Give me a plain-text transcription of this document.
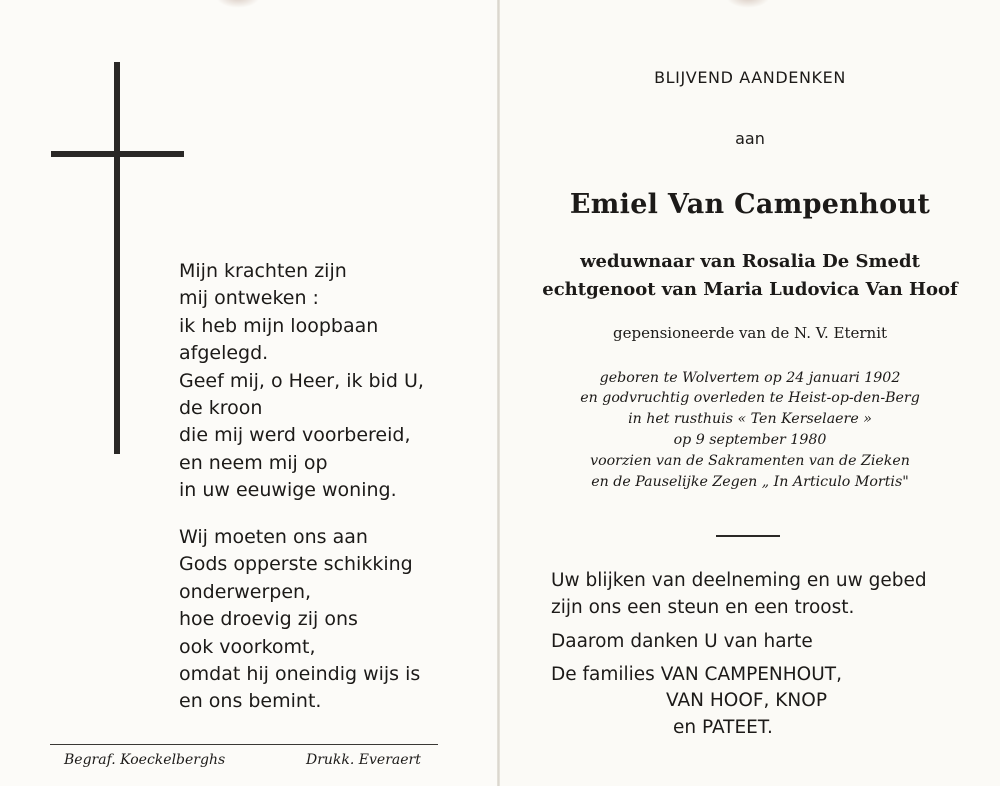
Mijn krachten zijn
mij ontweken :
ik heb mijn loopbaan
afgelegd.
Geef mij, o Heer, ik bid U,
de kroon
die mij werd voorbereid,
en neem mij op
in uw eeuwige woning.
Wij moeten ons aan
Gods opperste schikking
onderwerpen,
hoe droevig zij ons
ook voorkomt,
omdat hij oneindig wijs is
en ons bemint.
Begraf. Koeckelberghs	Drukk. Everaert
BLIJVEND AANDENKEN
aan
Emiel Van Campenhout
weduwnaar van Rosalia De Smedt
echtgenoot van Maria Ludovica Van Hoof
gepensioneerde van de N. V. Eternit
geboren te Wolvertem op 24 januari 1902
en godvruchtig overleden te Heist-op-den-Berg
in het rusthuis « Ten Kerselaere »
op 9 september 1980
voorzien van de Sakramenten van de Zieken
en de Pauselijke Zegen „ In Articulo Mortis"
Uw blijken van deelneming en uw gebed
zijn ons een steun en een troost.
Daarom danken U van harte
De families VAN CAMPENHOUT,
VAN HOOF, KNOP
en PATEET.
